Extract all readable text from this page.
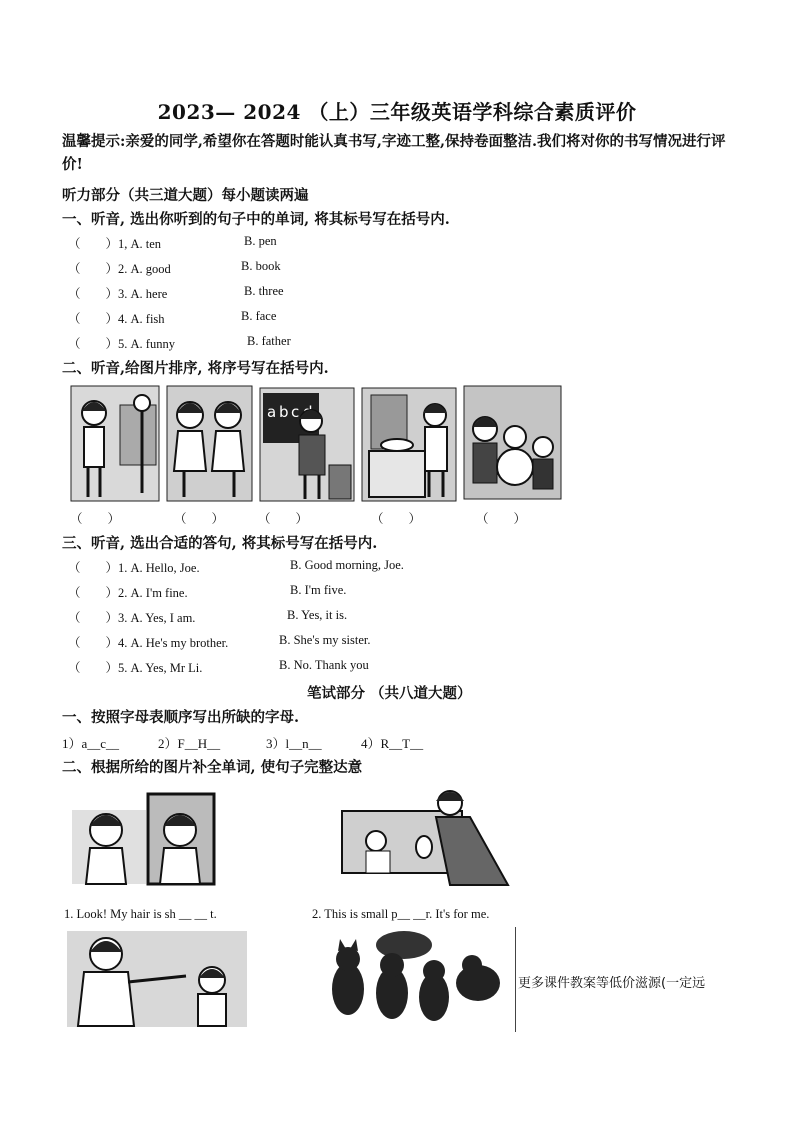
2023— 2024 （上）三年级英语学科综合素质评价
温馨提示:亲爱的同学,希望你在答题时能认真书写,字迹工整,保持卷面整洁.我们将对你的书写情况进行评价!
听力部分（共三道大题）每小题读两遍
一、听音, 选出你听到的句子中的单词, 将其标号写在括号内.
（　　）1, A. ten	B. pen
（　　）2. A. good	B. book
（　　）3. A. here	B. three
（　　）4. A. fish	B. face
（　　）5. A. funny	B. father
二、听音,给图片排序, 将序号写在括号内.
a b c
（　　）	（　　）	（　　）	（　　）	（　　）
三、听音, 选出合适的答句, 将其标号写在括号内.
（　　）1. A. Hello, Joe.	B. Good morning, Joe.
（　　）2. A. I'm fine.	B. I'm five.
（　　）3. A. Yes, I am.	B. Yes, it is.
（　　）4. A. He's my brother.	B. She's my sister.
（　　）5. A. Yes, Mr Li.	B. No. Thank you
笔试部分 （共八道大题）
一、按照字母表顺序写出所缺的字母.
1）a__c__	2）F__H__	3）l__n__	4）R__T__
二、根据所给的图片补全单词, 使句子完整达意
1. Look! My hair is sh __ __ t.	2. This is small p__ __r. It's for me.
更多课件教案等低价滋源(一定远
